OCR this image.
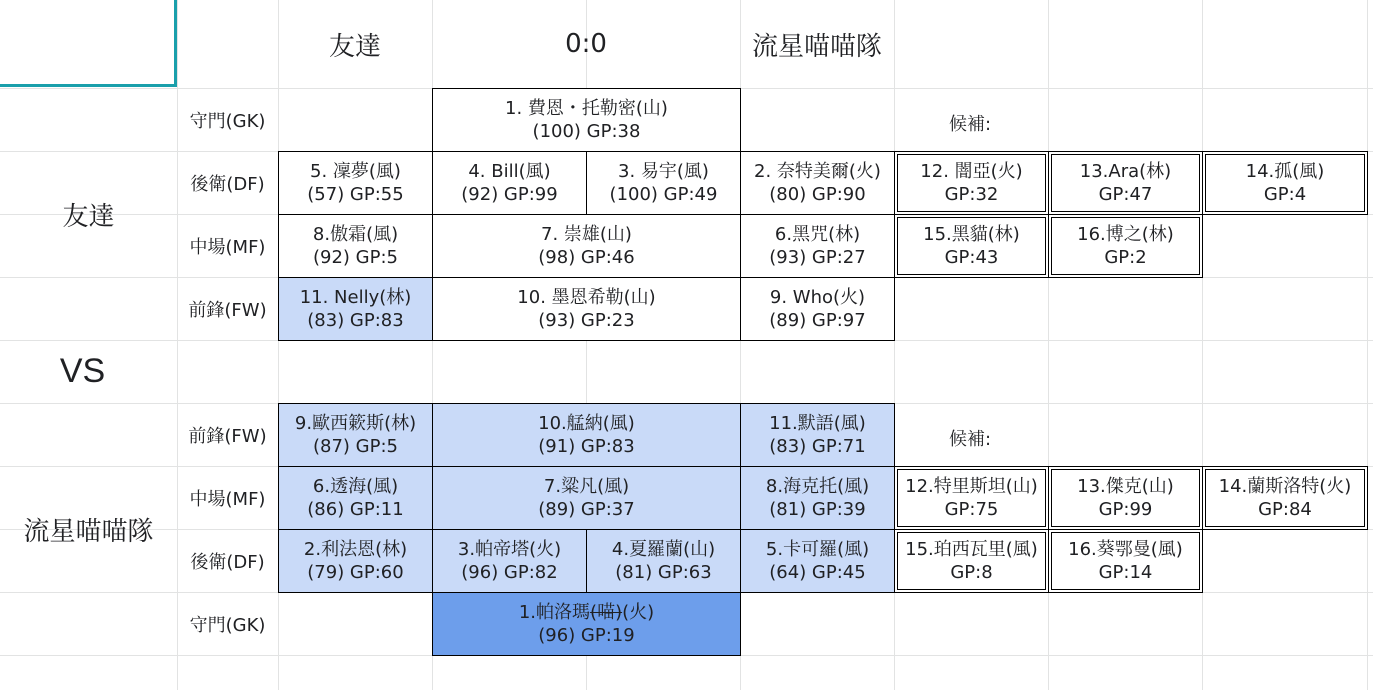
友達	0:0	流星喵喵隊
友達
VS
流星喵喵隊
守門(GK)
後衛(DF)
中場(MF)
前鋒(FW)
1. 費恩・托勒密(山)
(100) GP:38
5. 凜夢(風)
(57) GP:55
4. Bill(風)
(92) GP:99
3. 易宇(風)
(100) GP:49
2. 奈特美爾(火)
(80) GP:90
8.傲霜(風)
(92) GP:5
7. 崇雄(山)
(98) GP:46
6.黑咒(林)
(93) GP:27
11. Nelly(林)
(83) GP:83
10. 墨恩希勒(山)
(93) GP:23
9. Who(火)
(89) GP:97
候補:
12. 闇亞(火)
GP:32
13.Ara(林)
GP:47
14.孤(風)
GP:4
15.黑貓(林)
GP:43
16.博之(林)
GP:2
前鋒(FW)
中場(MF)
後衛(DF)
守門(GK)
9.歐西簌斯(林)
(87) GP:5
10.艋納(風)
(91) GP:83
11.默語(風)
(83) GP:71
6.透海(風)
(86) GP:11
7.粱凡(風)
(89) GP:37
8.海克托(風)
(81) GP:39
2.利法恩(林)
(79) GP:60
3.帕帝塔(火)
(96) GP:82
4.夏羅蘭(山)
(81) GP:63
5.卡可羅(風)
(64) GP:45
1.帕洛瑪(喵)(火)
(96) GP:19
候補:
12.特里斯坦(山)
GP:75
13.傑克(山)
GP:99
14.蘭斯洛特(火)
GP:84
15.珀西瓦里(風)
GP:8
16.葵鄂曼(風)
GP:14
